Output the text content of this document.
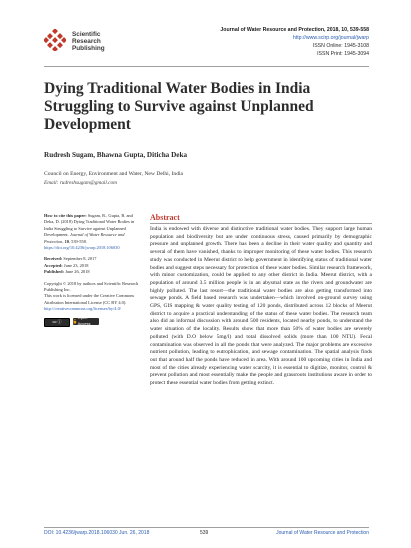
Scientific
Research
Publishing
Journal of Water Resource and Protection, 2018, 10, 539-558
http://www.scirp.org/journal/jwarp
ISSN Online: 1945-3108
ISSN Print: 1945-3094
Dying Traditional Water Bodies in India Struggling to Survive against Unplanned Development
Rudresh Sugam, Bhawna Gupta, Diticha Deka
Council on Energy, Environment and Water, New Delhi, India
Email: rudreshsugam@gmail.com

How to cite this paper: Sugam, R., Gupta, B. and Deka, D. (2018) Dying Traditional Water Bodies in India Struggling to Survive against Unplanned Development. Journal of Water Resource and Protection, 10, 539-558.
https://doi.org/10.4236/jwarp.2018.106030

Received: September 8, 2017
Accepted: June 23, 2018
Published: June 26, 2018

Copyright © 2018 by authors and Scientific Research Publishing Inc.
This work is licensed under the Creative Commons Attribution International License (CC BY 4.0).
http://creativecommons.org/licenses/by/4.0/

cc ⓘ
Open Access
Abstract

India is endowed with diverse and distinctive traditional water bodies. They support large human population and biodiversity but are under continuous stress, caused primarily by demographic pressure and unplanned growth. There has been a decline in their water quality and quantity and several of them have vanished, thanks to improper monitoring of these water bodies. This research study was conducted in Meerut district to help government in identifying status of traditional water bodies and suggest steps necessary for protection of these water bodies. Similar research framework, with minor customization, could be applied to any other district in India. Meerut district, with a population of around 3.5 million people is in an abysmal state as the rivers and groundwater are highly polluted. The last resort—the traditional water bodies are also getting transformed into sewage ponds. A field based research was undertaken—which involved on-ground survey using GPS, GIS mapping & water quality testing of 120 ponds, distributed across 12 blocks of Meerut district to acquire a practical understanding of the status of these water bodies. The research team also did an informal discussion with around 500 residents, located nearby ponds, to understand the water situation of the locality. Results show that more than 50% of water bodies are severely polluted (with D.O below 5mg/l) and total dissolved solids (more than 100 NTU). Fecal contamination was observed in all the ponds that were analyzed. The major problems are excessive nutrient pollution, leading to eutrophication, and sewage contamination. The spatial analysis finds out that around half the ponds have reduced in area. With around 100 upcoming cities in India and most of the cities already experiencing water scarcity, it is essential to digitize, monitor, control & prevent pollution and most essentially make the people and grassroots institutions aware in order to protect these essential water bodies from getting extinct.

DOI: 10.4236/jwarp.2018.106030 Jun. 26, 2018	539	Journal of Water Resource and Protection
